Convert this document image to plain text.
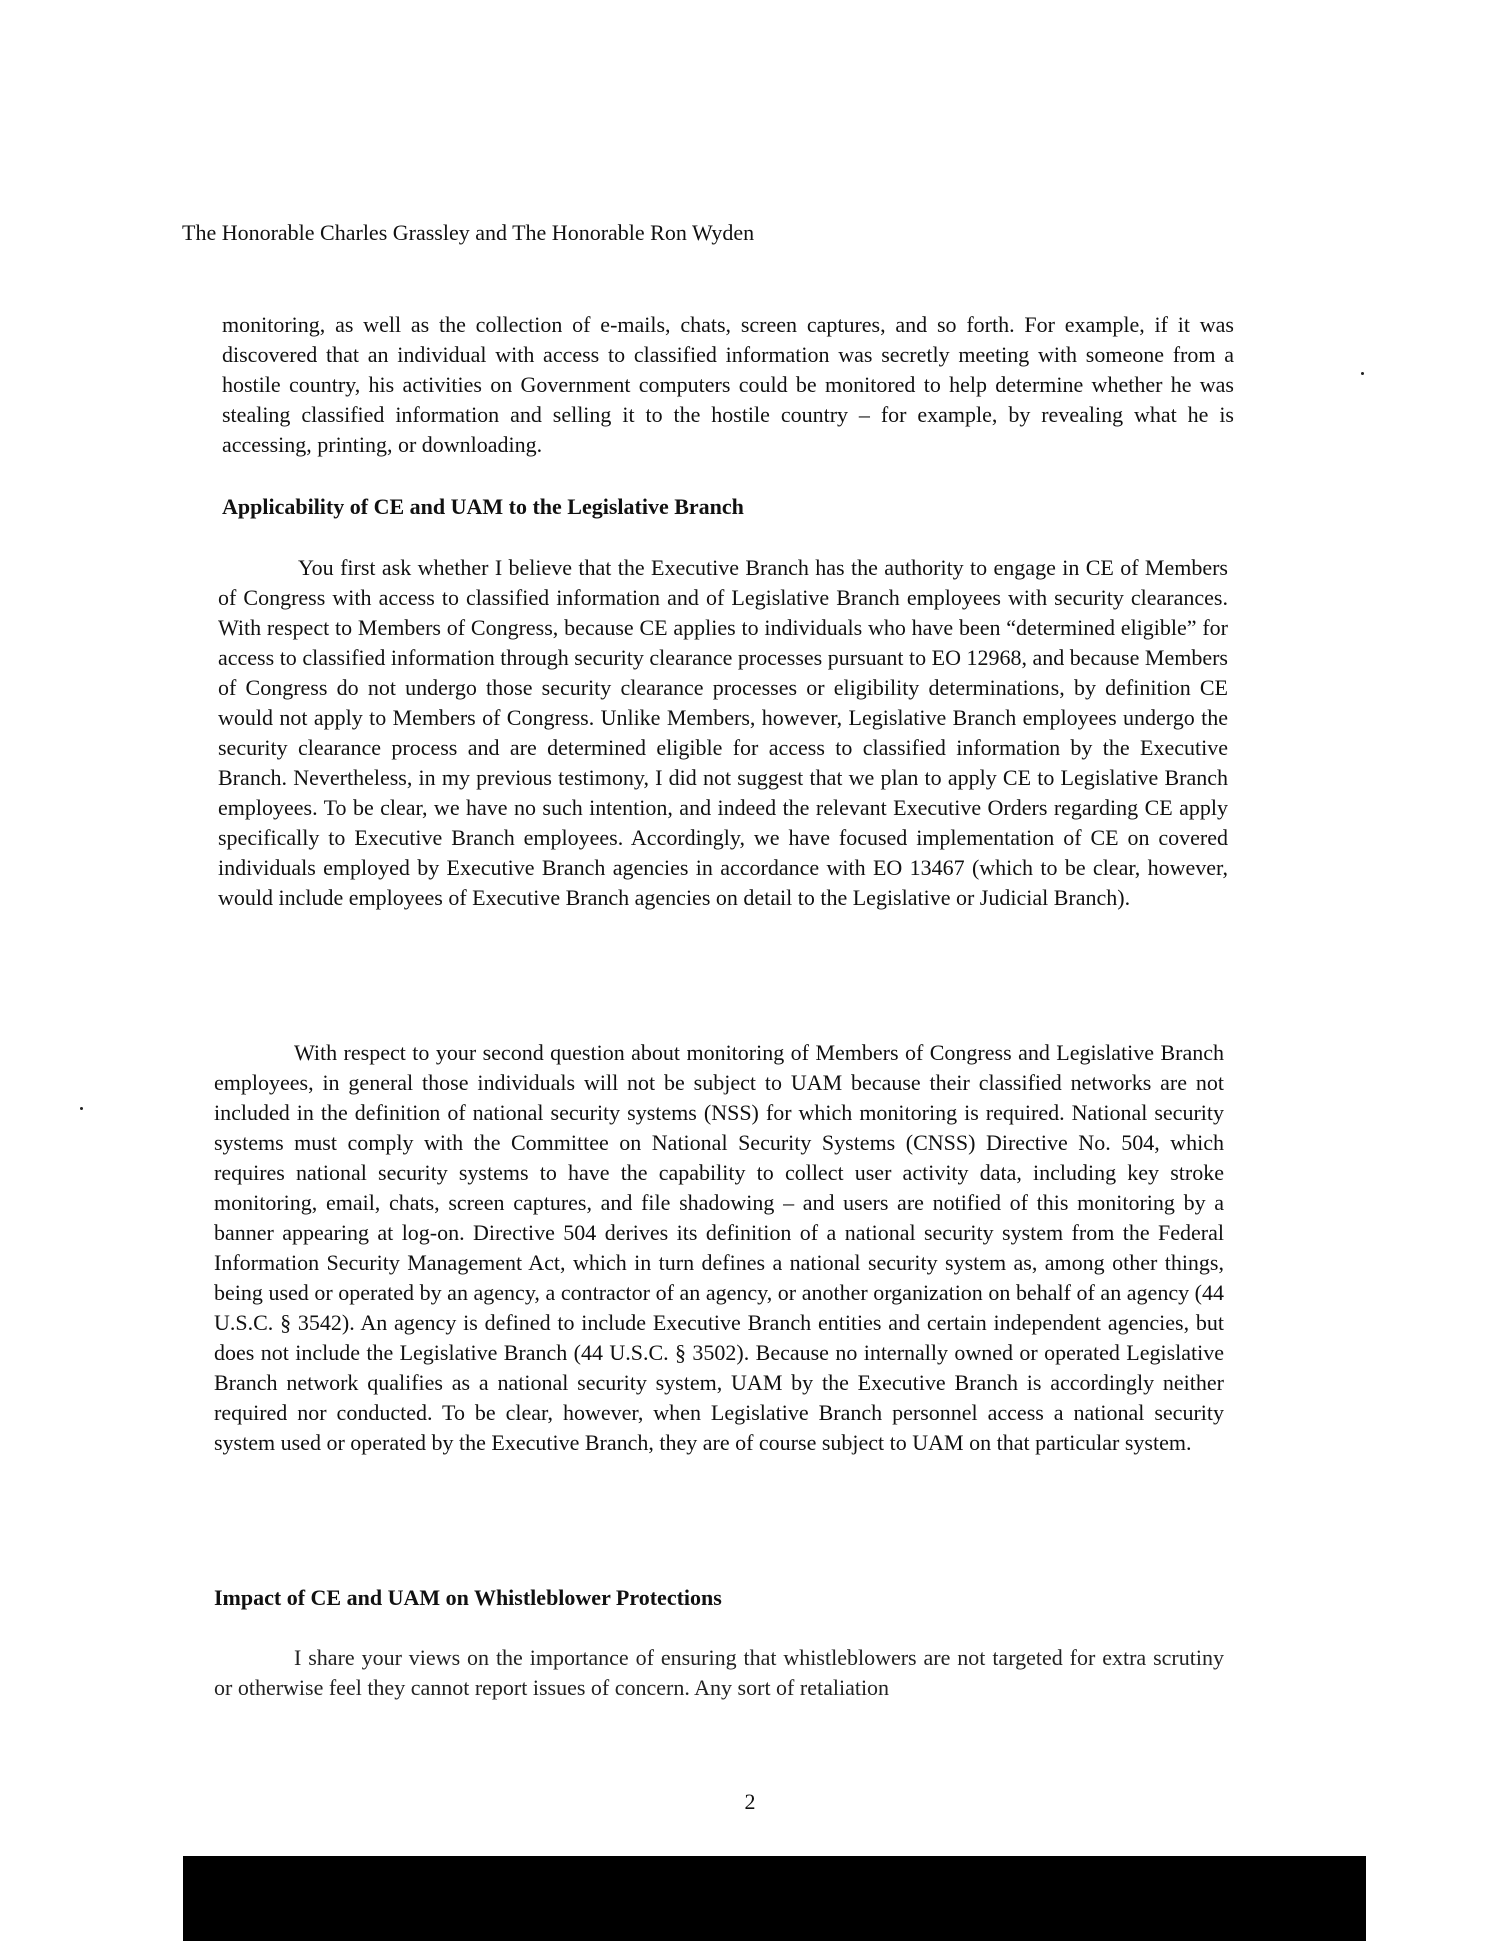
The Honorable Charles Grassley and The Honorable Ron Wyden
monitoring, as well as the collection of e-mails, chats, screen captures, and so forth. For example, if it was discovered that an individual with access to classified information was secretly meeting with someone from a hostile country, his activities on Government computers could be monitored to help determine whether he was stealing classified information and selling it to the hostile country – for example, by revealing what he is accessing, printing, or downloading.
Applicability of CE and UAM to the Legislative Branch
You first ask whether I believe that the Executive Branch has the authority to engage in CE of Members of Congress with access to classified information and of Legislative Branch employees with security clearances. With respect to Members of Congress, because CE applies to individuals who have been “determined eligible” for access to classified information through security clearance processes pursuant to EO 12968, and because Members of Congress do not undergo those security clearance processes or eligibility determinations, by definition CE would not apply to Members of Congress. Unlike Members, however, Legislative Branch employees undergo the security clearance process and are determined eligible for access to classified information by the Executive Branch. Nevertheless, in my previous testimony, I did not suggest that we plan to apply CE to Legislative Branch employees. To be clear, we have no such intention, and indeed the relevant Executive Orders regarding CE apply specifically to Executive Branch employees. Accordingly, we have focused implementation of CE on covered individuals employed by Executive Branch agencies in accordance with EO 13467 (which to be clear, however, would include employees of Executive Branch agencies on detail to the Legislative or Judicial Branch).
With respect to your second question about monitoring of Members of Congress and Legislative Branch employees, in general those individuals will not be subject to UAM because their classified networks are not included in the definition of national security systems (NSS) for which monitoring is required. National security systems must comply with the Committee on National Security Systems (CNSS) Directive No. 504, which requires national security systems to have the capability to collect user activity data, including key stroke monitoring, email, chats, screen captures, and file shadowing – and users are notified of this monitoring by a banner appearing at log-on. Directive 504 derives its definition of a national security system from the Federal Information Security Management Act, which in turn defines a national security system as, among other things, being used or operated by an agency, a contractor of an agency, or another organization on behalf of an agency (44 U.S.C. § 3542). An agency is defined to include Executive Branch entities and certain independent agencies, but does not include the Legislative Branch (44 U.S.C. § 3502). Because no internally owned or operated Legislative Branch network qualifies as a national security system, UAM by the Executive Branch is accordingly neither required nor conducted. To be clear, however, when Legislative Branch personnel access a national security system used or operated by the Executive Branch, they are of course subject to UAM on that particular system.
Impact of CE and UAM on Whistleblower Protections
I share your views on the importance of ensuring that whistleblowers are not targeted for extra scrutiny or otherwise feel they cannot report issues of concern. Any sort of retaliation
2
